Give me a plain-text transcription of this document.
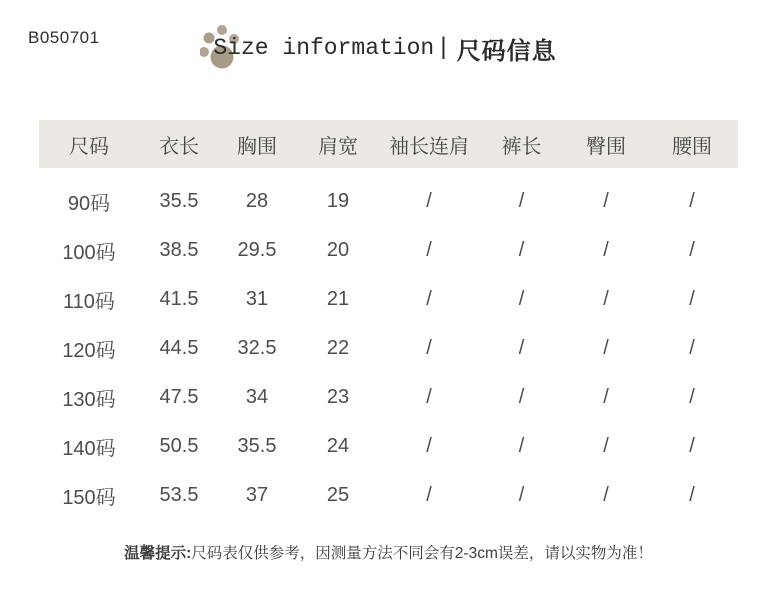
B050701	Size information | 尺码信息
尺码	衣长	胸围	肩宽	袖长连肩	裤长	臀围	腰围
90码	35.5	28	19	/	/	/	/
100码	38.5	29.5	20	/	/	/	/
110码	41.5	31	21	/	/	/	/
120码	44.5	32.5	22	/	/	/	/
130码	47.5	34	23	/	/	/	/
140码	50.5	35.5	24	/	/	/	/
150码	53.5	37	25	/	/	/	/
温馨提示:尺码表仅供参考，因测量方法不同会有2-3cm误差，请以实物为准！
